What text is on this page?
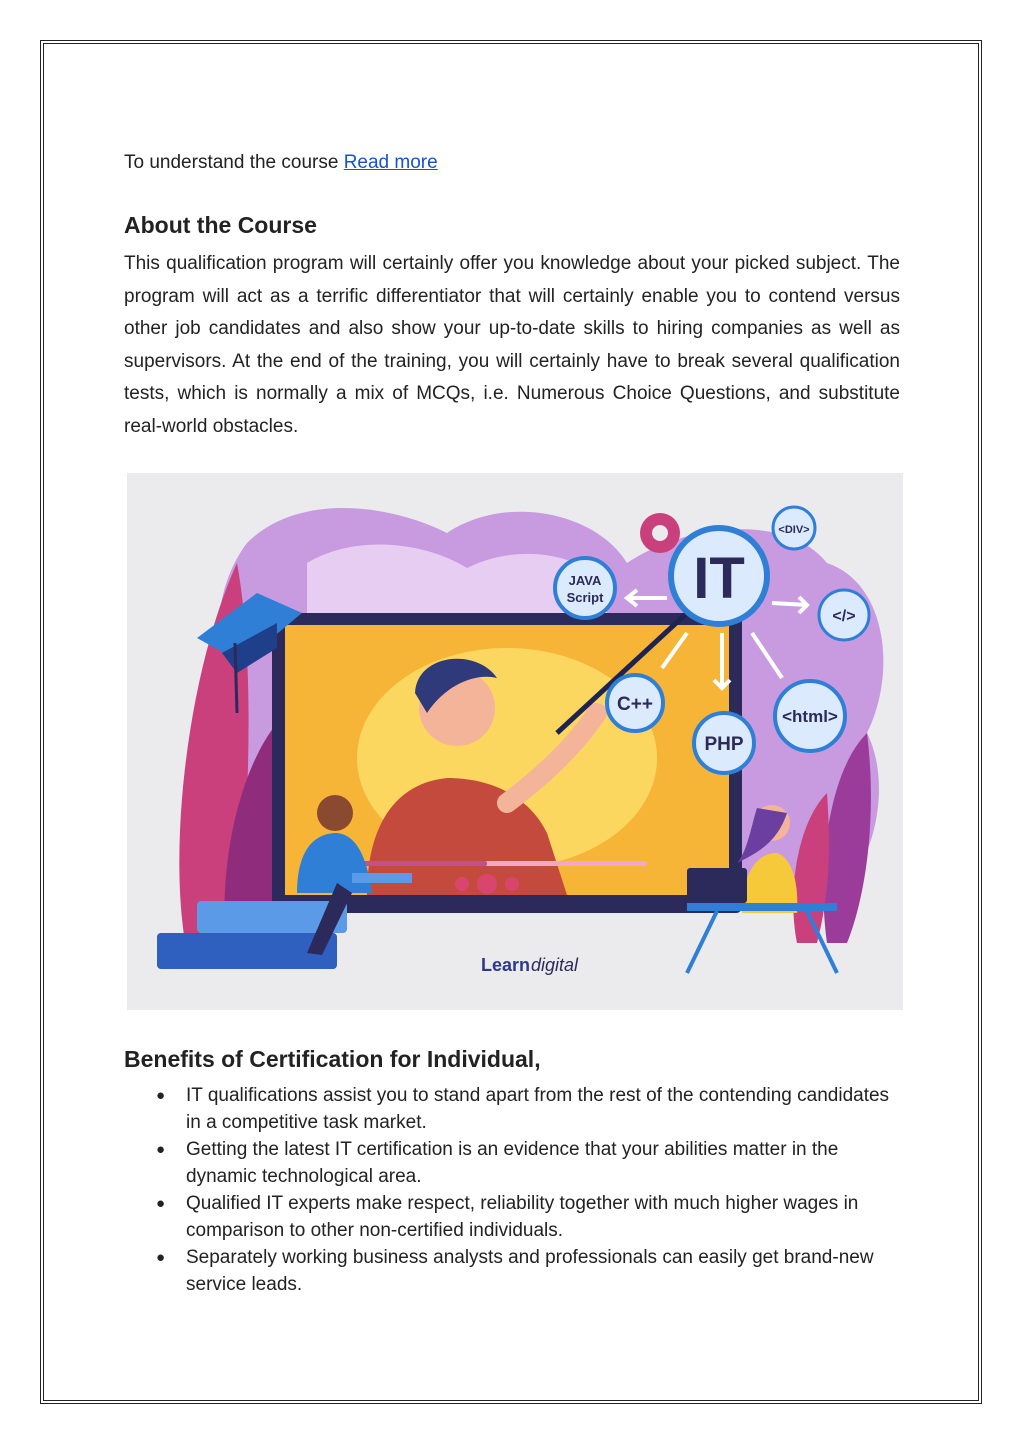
To understand the course Read more

About the Course
This qualification program will certainly offer you knowledge about your picked subject. The program will act as a terrific differentiator that will certainly enable you to contend versus other job candidates and also show your up-to-date skills to hiring companies as well as supervisors. At the end of the training, you will certainly have to break several qualification tests, which is normally a mix of MCQs, i.e. Numerous Choice Questions, and substitute real-world obstacles.
IT
JAVA
Script
<DIV>
</>
C++
PHP
<html>
Learn digital
Benefits of Certification for Individual,
● IT qualifications assist you to stand apart from the rest of the contending candidates in a competitive task market.
● Getting the latest IT certification is an evidence that your abilities matter in the dynamic technological area.
● Qualified IT experts make respect, reliability together with much higher wages in comparison to other non-certified individuals.
● Separately working business analysts and professionals can easily get brand-new service leads.
